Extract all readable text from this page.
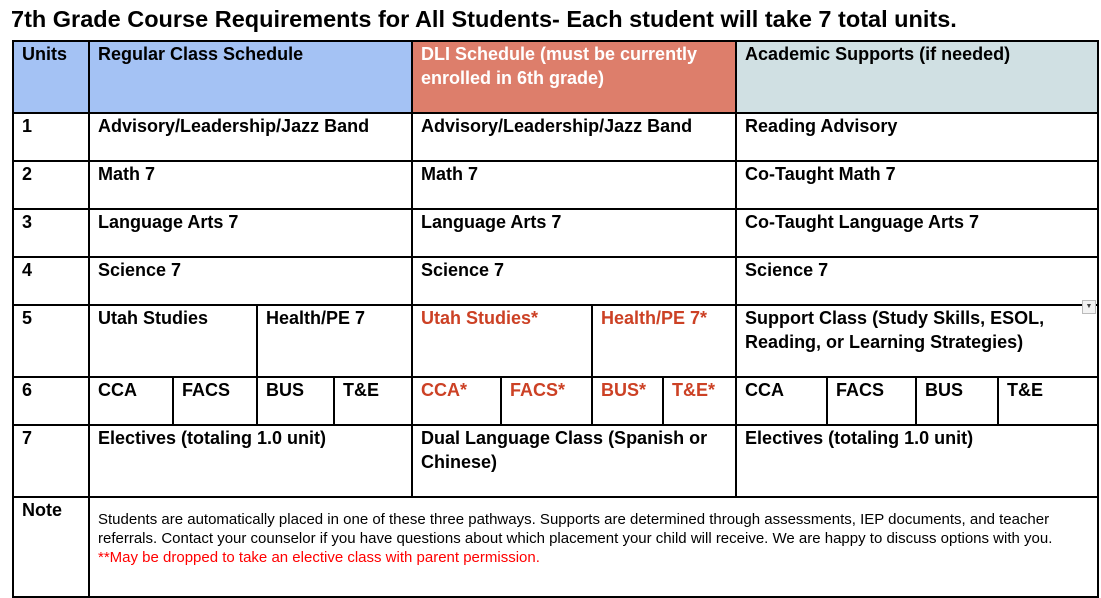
7th Grade Course Requirements for All Students- Each student will take 7 total units.
Units	Regular Class Schedule				DLI Schedule (must be currently enrolled in 6th grade)				Academic Supports (if needed)			
1	Advisory/Leadership/Jazz Band				Advisory/Leadership/Jazz Band				Reading Advisory			
2	Math 7				Math 7				Co-Taught Math 7			
3	Language Arts 7				Language Arts 7				Co-Taught Language Arts 7			
4	Science 7				Science 7				Science 7			
5	Utah Studies		Health/PE 7		Utah Studies*		Health/PE 7*		Support Class (Study Skills, ESOL, Reading, or Learning Strategies)			
6	CCA	FACS	BUS	T&E	CCA*	FACS*	BUS*	T&E*	CCA	FACS	BUS	T&E
7	Electives (totaling 1.0 unit)				Dual Language Class (Spanish or Chinese)				Electives (totaling 1.0 unit)			
Note	Students are automatically placed in one of these three pathways. Supports are determined through assessments, IEP documents, and teacher referrals. Contact your counselor if you have questions about which placement your child will receive. We are happy to discuss options with you. **May be dropped to take an elective class with parent permission.											
▼
